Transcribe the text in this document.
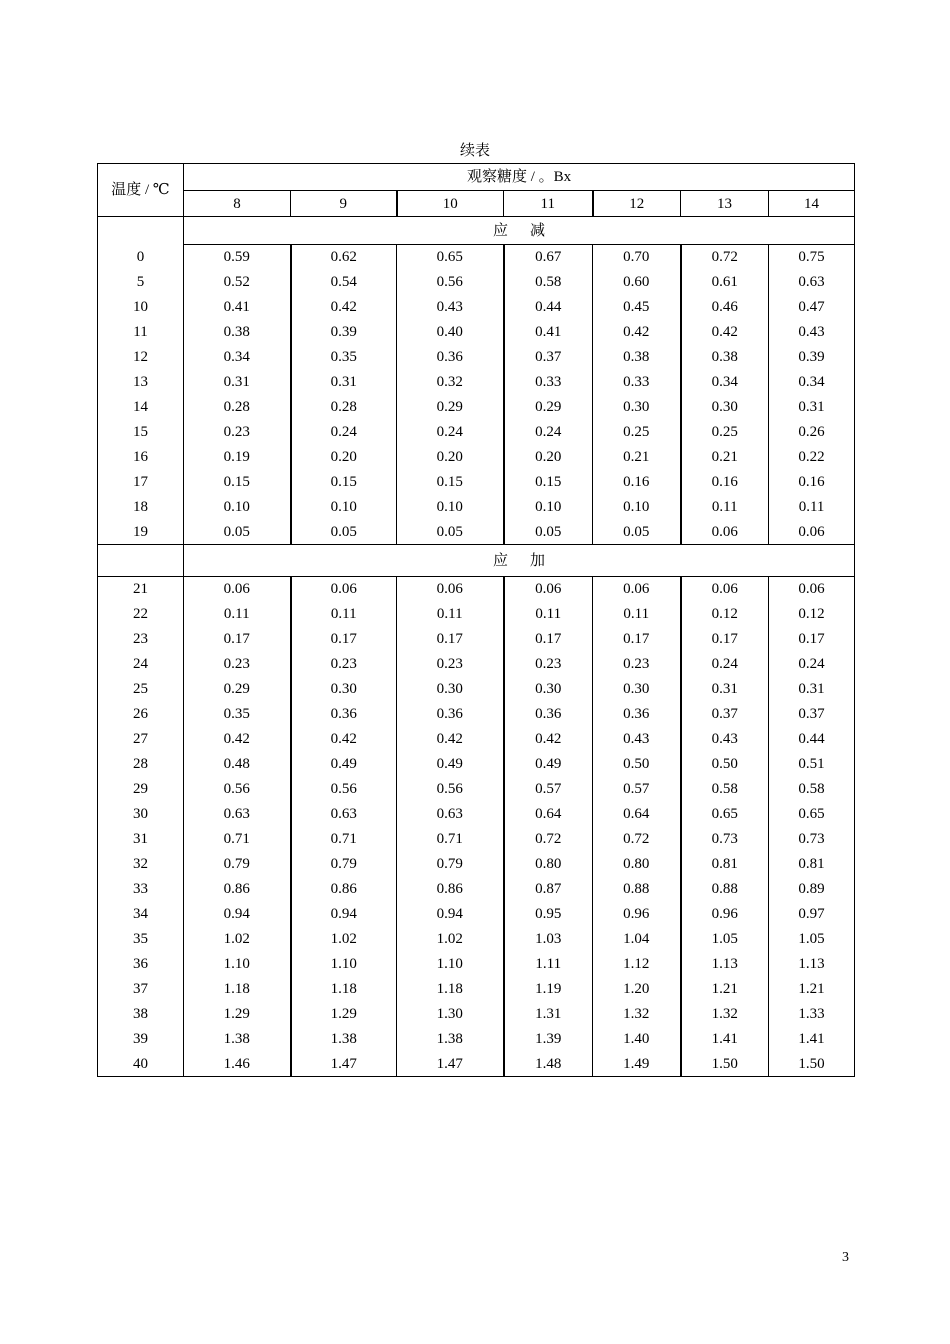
续表
温度 / ℃	观察糖度 / 。Bx						
	8	9	10	11	12	13	14
	应减						
0	0.59	0.62	0.65	0.67	0.70	0.72	0.75
5	0.52	0.54	0.56	0.58	0.60	0.61	0.63
10	0.41	0.42	0.43	0.44	0.45	0.46	0.47
11	0.38	0.39	0.40	0.41	0.42	0.42	0.43
12	0.34	0.35	0.36	0.37	0.38	0.38	0.39
13	0.31	0.31	0.32	0.33	0.33	0.34	0.34
14	0.28	0.28	0.29	0.29	0.30	0.30	0.31
15	0.23	0.24	0.24	0.24	0.25	0.25	0.26
16	0.19	0.20	0.20	0.20	0.21	0.21	0.22
17	0.15	0.15	0.15	0.15	0.16	0.16	0.16
18	0.10	0.10	0.10	0.10	0.10	0.11	0.11
19	0.05	0.05	0.05	0.05	0.05	0.06	0.06
	应加						
21	0.06	0.06	0.06	0.06	0.06	0.06	0.06
22	0.11	0.11	0.11	0.11	0.11	0.12	0.12
23	0.17	0.17	0.17	0.17	0.17	0.17	0.17
24	0.23	0.23	0.23	0.23	0.23	0.24	0.24
25	0.29	0.30	0.30	0.30	0.30	0.31	0.31
26	0.35	0.36	0.36	0.36	0.36	0.37	0.37
27	0.42	0.42	0.42	0.42	0.43	0.43	0.44
28	0.48	0.49	0.49	0.49	0.50	0.50	0.51
29	0.56	0.56	0.56	0.57	0.57	0.58	0.58
30	0.63	0.63	0.63	0.64	0.64	0.65	0.65
31	0.71	0.71	0.71	0.72	0.72	0.73	0.73
32	0.79	0.79	0.79	0.80	0.80	0.81	0.81
33	0.86	0.86	0.86	0.87	0.88	0.88	0.89
34	0.94	0.94	0.94	0.95	0.96	0.96	0.97
35	1.02	1.02	1.02	1.03	1.04	1.05	1.05
36	1.10	1.10	1.10	1.11	1.12	1.13	1.13
37	1.18	1.18	1.18	1.19	1.20	1.21	1.21
38	1.29	1.29	1.30	1.31	1.32	1.32	1.33
39	1.38	1.38	1.38	1.39	1.40	1.41	1.41
40	1.46	1.47	1.47	1.48	1.49	1.50	1.50
3
